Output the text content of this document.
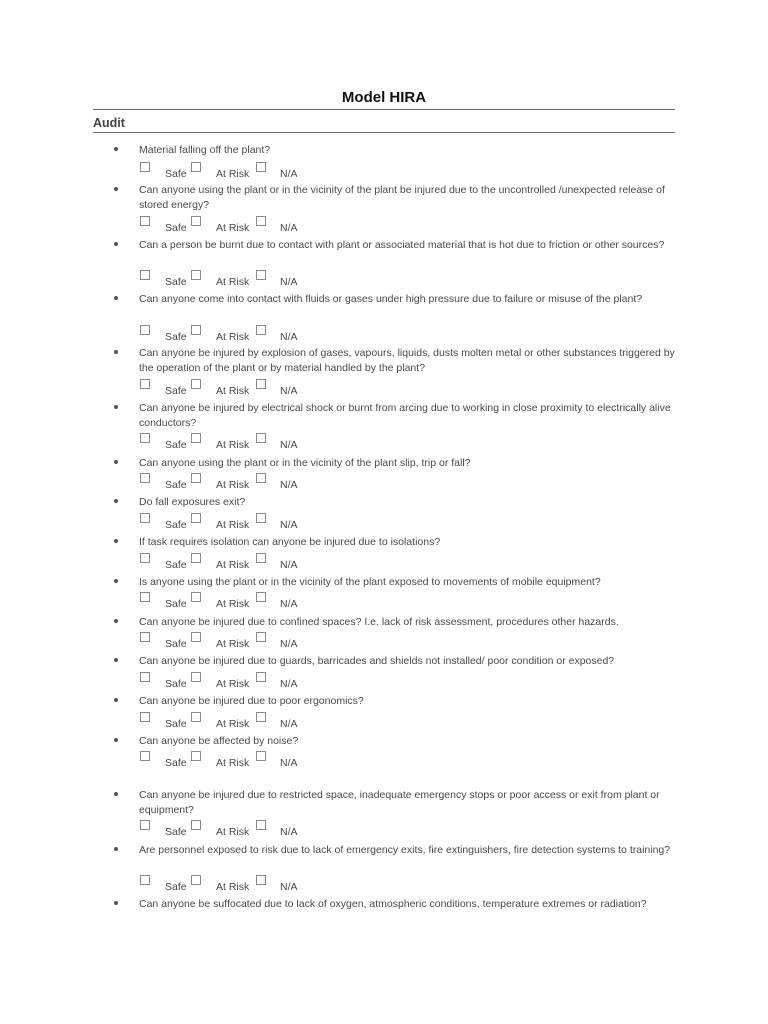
Model HIRA
Audit
Material falling off the plant?
Safe	At Risk	N/A
Can anyone using the plant or in the vicinity of the plant be injured due to the uncontrolled /unexpected release of stored energy?
Safe	At Risk	N/A
Can a person be burnt due to contact with plant or associated material that is hot due to friction or other sources?
Safe	At Risk	N/A
Can anyone come into contact with fluids or gases under high pressure due to failure or misuse of the plant?
Safe	At Risk	N/A
Can anyone be injured by explosion of gases, vapours, liquids, dusts molten metal or other substances triggered by the operation of the plant or by material handled by the plant?
Safe	At Risk	N/A
Can anyone be injured by electrical shock or burnt from arcing due to working in close proximity to electrically alive conductors?
Safe	At Risk	N/A
Can anyone using the plant or in the vicinity of the plant slip, trip or fall?
Safe	At Risk	N/A
Do fall exposures exit?
Safe	At Risk	N/A
If task requires isolation can anyone be injured due to isolations?
Safe	At Risk	N/A
Is anyone using the plant or in the vicinity of the plant exposed to movements of mobile equipment?
Safe	At Risk	N/A
Can anyone be injured due to confined spaces? I.e. lack of risk assessment, procedures other hazards.
Safe	At Risk	N/A
Can anyone be injured due to guards, barricades and shields not installed/ poor condition or exposed?
Safe	At Risk	N/A
Can anyone be injured due to poor ergonomics?
Safe	At Risk	N/A
Can anyone be affected by noise?
Safe	At Risk	N/A
Can anyone be injured due to restricted space, inadequate emergency stops or poor access or exit from plant or equipment?
Safe	At Risk	N/A
Are personnel exposed to risk due to lack of emergency exits, fire extinguishers, fire detection systems to training?
Safe	At Risk	N/A
Can anyone be suffocated due to lack of oxygen, atmospheric conditions, temperature extremes or radiation?
